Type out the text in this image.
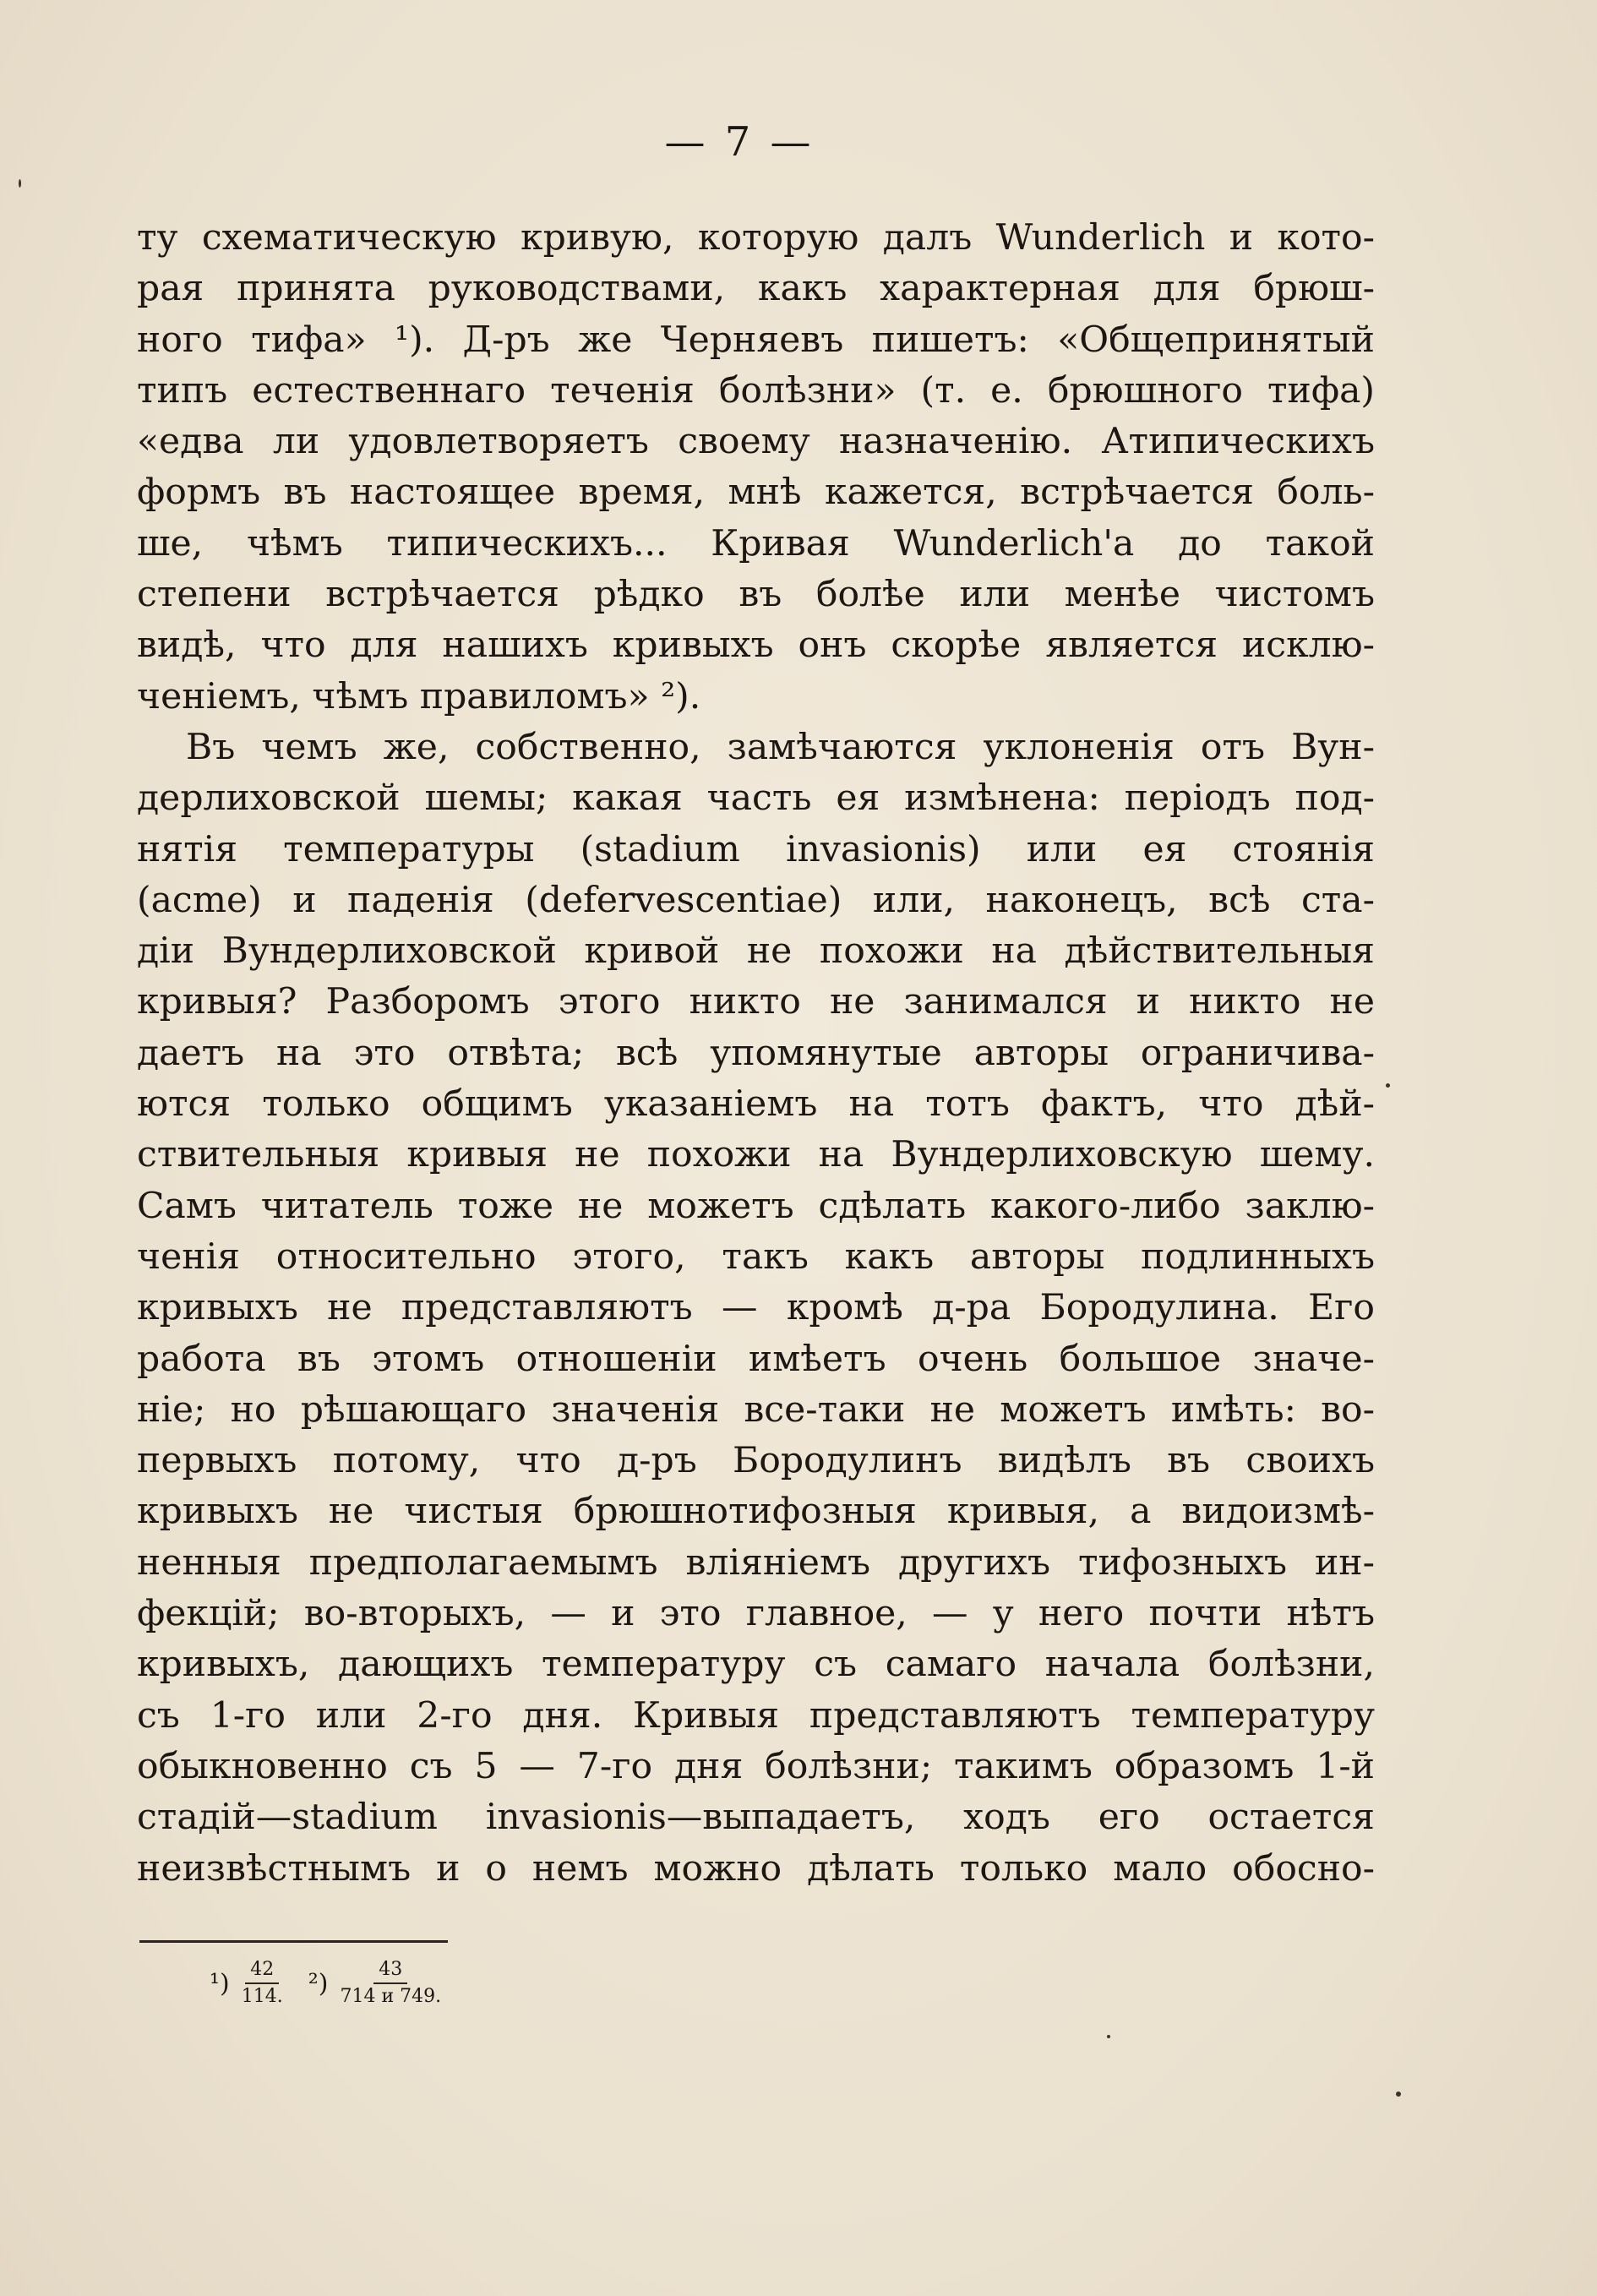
— 7 —
ту схематическую кривую, которую далъ Wunderlich и кото-
рая принята руководствами, какъ характерная для брюш-
ного тифа» ¹). Д-ръ же Черняевъ пишетъ: «Общепринятый
типъ естественнаго теченія болѣзни» (т. е. брюшного тифа)
«едва ли удовлетворяетъ своему назначенію. Атипическихъ
формъ въ настоящее время, мнѣ кажется, встрѣчается боль-
ше, чѣмъ типическихъ... Кривая Wunderlich'а до такой
степени встрѣчается рѣдко въ болѣе или менѣе чистомъ
видѣ, что для нашихъ кривыхъ онъ скорѣе является исклю-
ченіемъ, чѣмъ правиломъ» ²).
Въ чемъ же, собственно, замѣчаются уклоненія отъ Вун-
дерлиховской шемы; какая часть ея измѣнена: періодъ под-
нятія температуры (stadium invasionis) или ея стоянія
(acme) и паденія (defervescentiae) или, наконецъ, всѣ ста-
діи Вундерлиховской кривой не похожи на дѣйствительныя
кривыя? Разборомъ этого никто не занимался и никто не
даетъ на это отвѣта; всѣ упомянутые авторы ограничива-
ются только общимъ указаніемъ на тотъ фактъ, что дѣй-
ствительныя кривыя не похожи на Вундерлиховскую шему.
Самъ читатель тоже не можетъ сдѣлать какого-либо заклю-
ченія относительно этого, такъ какъ авторы подлинныхъ
кривыхъ не представляютъ — кромѣ д-ра Бородулина. Его
работа въ этомъ отношеніи имѣетъ очень большое значе-
ніе; но рѣшающаго значенія все-таки не можетъ имѣть: во-
первыхъ потому, что д-ръ Бородулинъ видѣлъ въ своихъ
кривыхъ не чистыя брюшнотифозныя кривыя, а видоизмѣ-
ненныя предполагаемымъ вліяніемъ другихъ тифозныхъ ин-
фекцій; во-вторыхъ, — и это главное, — у него почти нѣтъ
кривыхъ, дающихъ температуру съ самаго начала болѣзни,
съ 1-го или 2-го дня. Кривыя представляютъ температуру
обыкновенно съ 5 — 7-го дня болѣзни; такимъ образомъ 1-й
стадій—stadium invasionis—выпадаетъ, ходъ его остается
неизвѣстнымъ и о немъ можно дѣлать только мало обосно-
$^1) \frac{42}{114.} ^2) \frac{43}{714 и 749.}$
